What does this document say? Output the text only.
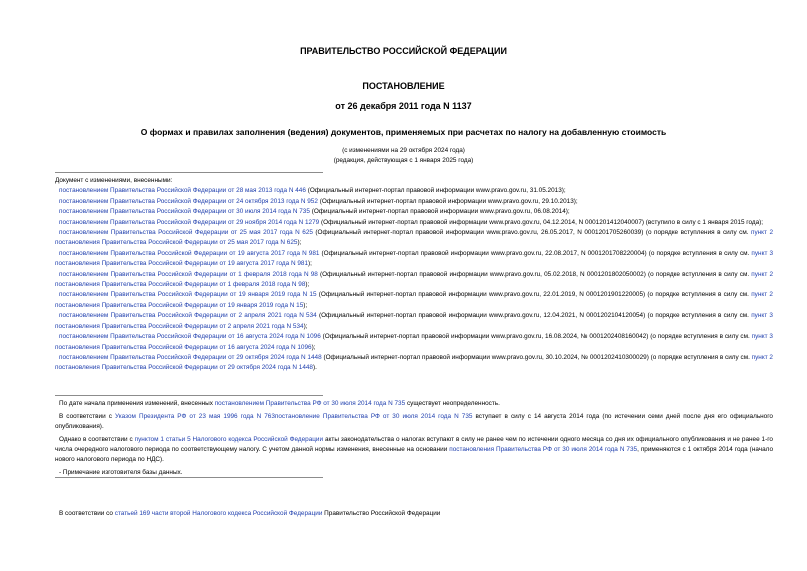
ПРАВИТЕЛЬСТВО РОССИЙСКОЙ ФЕДЕРАЦИИ
ПОСТАНОВЛЕНИЕ
от 26 декабря 2011 года N 1137
О формах и правилах заполнения (ведения) документов, применяемых при расчетах по налогу на добавленную стоимость
(с изменениями на 29 октября 2024 года)
(редакция, действующая с 1 января 2025 года)

Документ с изменениями, внесенными:

постановлением Правительства Российской Федерации от 28 мая 2013 года N 446 (Официальный интернет-портал правовой информации www.pravo.gov.ru, 31.05.2013);

постановлением Правительства Российской Федерации от 24 октября 2013 года N 952 (Официальный интернет-портал правовой информации www.pravo.gov.ru, 29.10.2013);

постановлением Правительства Российской Федерации от 30 июля 2014 года N 735 (Официальный интернет-портал правовой информации www.pravo.gov.ru, 06.08.2014);

постановлением Правительства Российской Федерации от 29 ноября 2014 года N 1279 (Официальный интернет-портал правовой информации www.pravo.gov.ru, 04.12.2014, N 0001201412040007) (вступило в силу с 1 января 2015 года);

постановлением Правительства Российской Федерации от 25 мая 2017 года N 625 (Официальный интернет-портал правовой информации www.pravo.gov.ru, 26.05.2017, N 0001201705260039) (о порядке вступления в силу см. пункт 2 постановления Правительства Российской Федерации от 25 мая 2017 года N 625);

постановлением Правительства Российской Федерации от 19 августа 2017 года N 981 (Официальный интернет-портал правовой информации www.pravo.gov.ru, 22.08.2017, N 0001201708220004) (о порядке вступления в силу см. пункт 3 постановления Правительства Российской Федерации от 19 августа 2017 года N 981);

постановлением Правительства Российской Федерации от 1 февраля 2018 года N 98 (Официальный интернет-портал правовой информации www.pravo.gov.ru, 05.02.2018, N 0001201802050002) (о порядке вступления в силу см. пункт 2 постановления Правительства Российской Федерации от 1 февраля 2018 года N 98);

постановлением Правительства Российской Федерации от 19 января 2019 года N 15 (Официальный интернет-портал правовой информации www.pravo.gov.ru, 22.01.2019, N 0001201901220005) (о порядке вступления в силу см. пункт 2 постановления Правительства Российской Федерации от 19 января 2019 года N 15);

постановлением Правительства Российской Федерации от 2 апреля 2021 года N 534 (Официальный интернет-портал правовой информации www.pravo.gov.ru, 12.04.2021, N 0001202104120054) (о порядке вступления в силу см. пункт 3 постановления Правительства Российской Федерации от 2 апреля 2021 года N 534);

постановлением Правительства Российской Федерации от 16 августа 2024 года N 1096 (Официальный интернет-портал правовой информации www.pravo.gov.ru, 16.08.2024, № 0001202408160042) (о порядке вступления в силу см. пункт 3 постановления Правительства Российской Федерации от 16 августа 2024 года N 1096);

постановлением Правительства Российской Федерации от 29 октября 2024 года N 1448 (Официальный интернет-портал правовой информации www.pravo.gov.ru, 30.10.2024, № 0001202410300029) (о порядке вступления в силу см. пункт 2 постановления Правительства Российской Федерации от 29 октября 2024 года N 1448).

По дате начала применения изменений, внесенных постановлением Правительства РФ от 30 июля 2014 года N 735 существует неопределенность.

В соответствии с Указом Президента РФ от 23 мая 1996 года N 763постановление Правительства РФ от 30 июля 2014 года N 735 вступает в силу с 14 августа 2014 года (по истечении семи дней после дня его официального опубликования).

Однако в соответствии с пунктом 1 статьи 5 Налогового кодекса Российской Федерации акты законодательства о налогах вступают в силу не ранее чем по истечении одного месяца со дня их официального опубликования и не ранее 1-го числа очередного налогового периода по соответствующему налогу. С учетом данной нормы изменения, внесенные на основании постановления Правительства РФ от 30 июля 2014 года N 735, применяются с 1 октября 2014 года (начало нового налогового периода по НДС).

- Примечание изготовителя базы данных.

В соответствии со статьей 169 части второй Налогового кодекса Российской Федерации Правительство Российской Федерации
